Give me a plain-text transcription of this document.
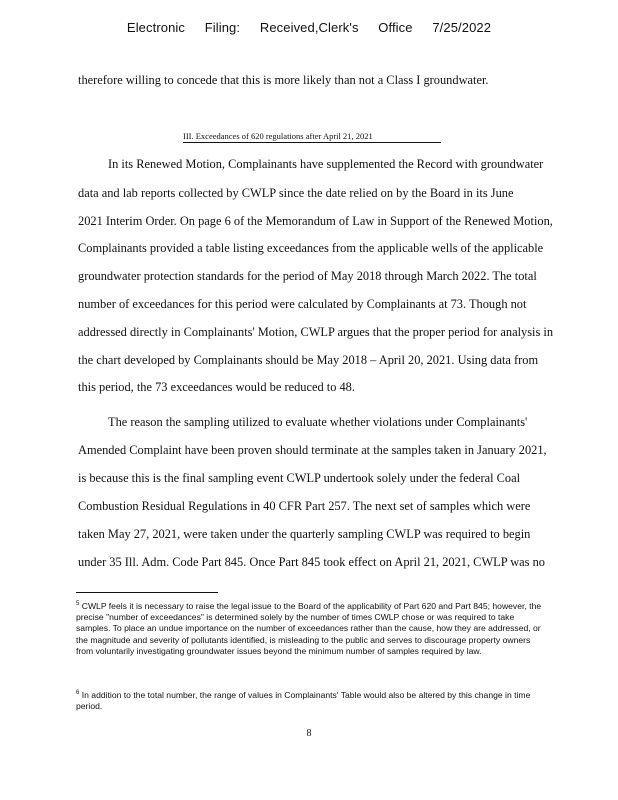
Electronic Filing: Received,Clerk's Office 7/25/2022
therefore willing to concede that this is more likely than not a Class I groundwater.
III. Exceedances of 620 regulations after April 21, 2021
In its Renewed Motion, Complainants have supplemented the Record with groundwater
data and lab reports collected by CWLP since the date relied on by the Board in its June
2021 Interim Order. On page 6 of the Memorandum of Law in Support of the Renewed Motion,
Complainants provided a table listing exceedances from the applicable wells of the applicable
groundwater protection standards for the period of May 2018 through March 2022. The total
number of exceedances for this period were calculated by Complainants at 73. Though not
addressed directly in Complainants' Motion, CWLP argues that the proper period for analysis in
the chart developed by Complainants should be May 2018 – April 20, 2021. Using data from
this period, the 73 exceedances would be reduced to 48.
The reason the sampling utilized to evaluate whether violations under Complainants'
Amended Complaint have been proven should terminate at the samples taken in January 2021,
is because this is the final sampling event CWLP undertook solely under the federal Coal
Combustion Residual Regulations in 40 CFR Part 257. The next set of samples which were
taken May 27, 2021, were taken under the quarterly sampling CWLP was required to begin
under 35 Ill. Adm. Code Part 845. Once Part 845 took effect on April 21, 2021, CWLP was no
$^5$ CWLP feels it is necessary to raise the legal issue to the Board of the applicability of Part 620 and Part 845; however, the precise "number of exceedances" is determined solely by the number of times CWLP chose or was required to take samples. To place an undue importance on the number of exceedances rather than the cause, how they are addressed, or the magnitude and severity of pollutants identified, is misleading to the public and serves to discourage property owners from voluntarily investigating groundwater issues beyond the minimum number of samples required by law.
$^6$ In addition to the total number, the range of values in Complainants' Table would also be altered by this change in time period.
8
